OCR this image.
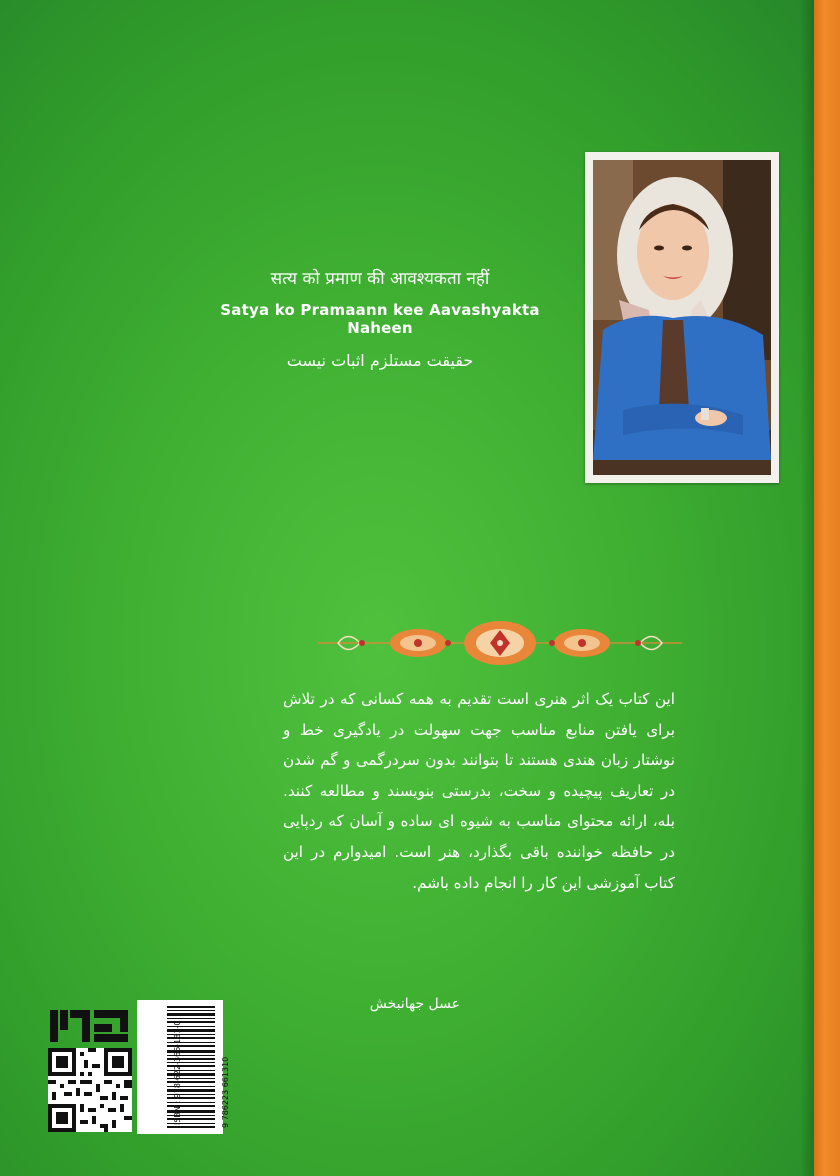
सत्य को प्रमाण की आवश्यकता नहीं

Satya ko Pramaann kee Aavashyakta Naheen

حقیقت مستلزم اثبات نیست

این کتاب یک اثر هنری است تقدیم به همه کسانی که در تلاش برای یافتن منابع مناسب جهت سهولت در یادگیری خط و نوشتار زبان هندی هستند تا بتوانند بدون سردرگمی و گم شدن در تعاریف پیچیده و سخت، بدرستی بنویسند و مطالعه کنند. بله، ارائه محتوای مناسب به شیوه ای ساده و آسان که ردپایی در حافظه خواننده باقی بگذارد، هنر است. امیدوارم در این کتاب آموزشی این کار را انجام داده باشم.

عسل جهانبخش
ISBN : 978-622-366-131-0	9 786223 661310
